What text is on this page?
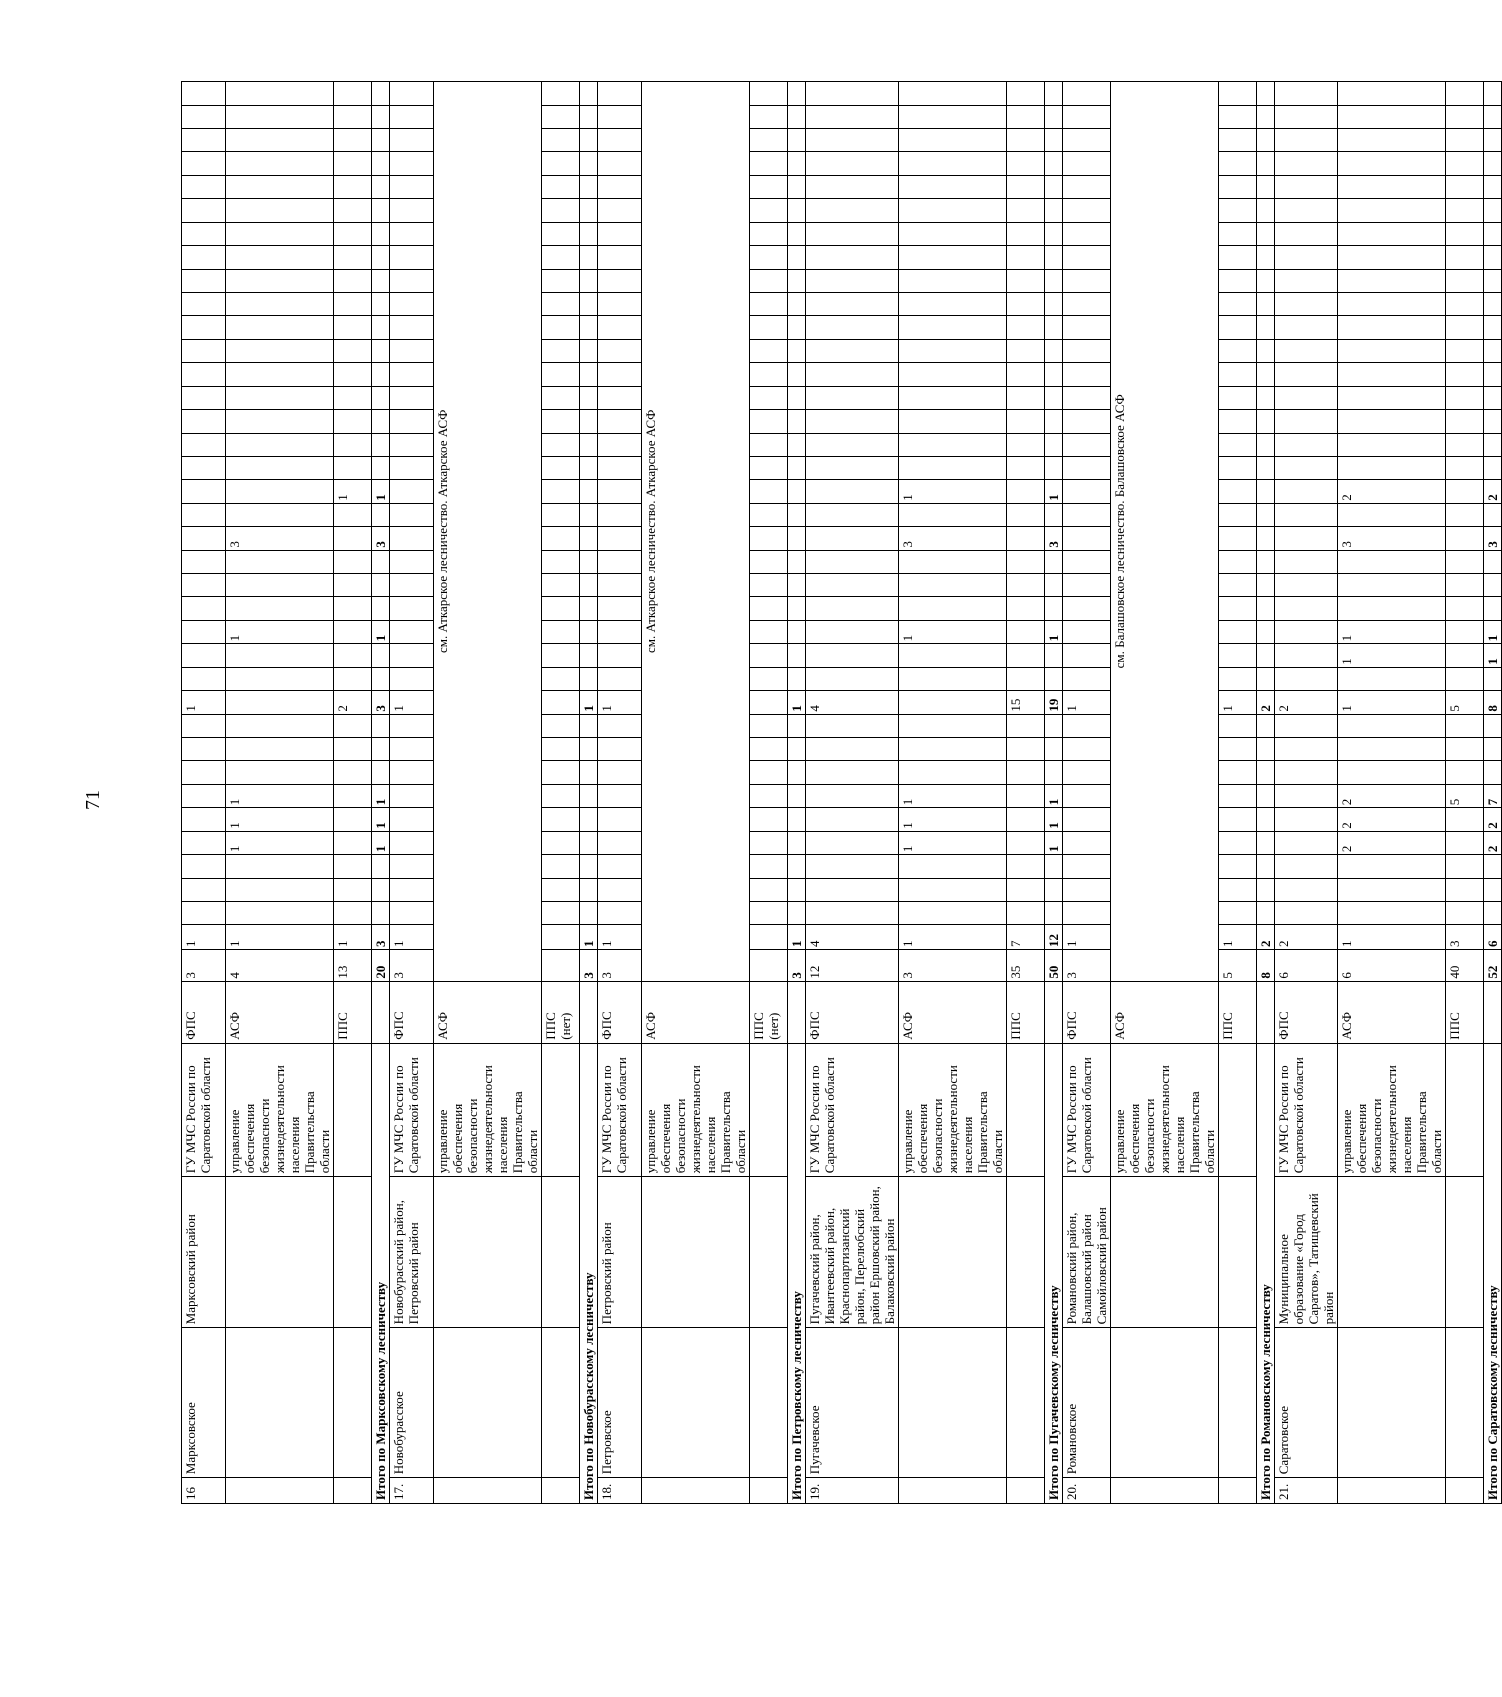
71
16	Марксовское	Марксовский район	ГУ МЧС России по Саратовской области	ФПС	3	1										1																										
			управление обеспечения безопасности жизнедеятельности населения Правительства области	АСФ	4	1				1	1	1							1				3																			
				ППС	13	1										2									1																	
Итого по Марксовскому лесничеству					20	3				1	1	1				3			1				3		1																	
17.	Новобурасское	Новобурасский район, Петровский район	ГУ МЧС России по Саратовской области	ФПС	3	1										1																										
			управление обеспечения безопасности жизнедеятельности населения Правительства области	АСФ	см. Аткарское лесничество. Аткарское АСФ																																					
				ППС (нет)																																						
Итого по Новобурасскому лесничеству					3	1										1																										
18.	Петровское	Петровский район	ГУ МЧС России по Саратовской области	ФПС	3	1										1																										
			управление обеспечения безопасности жизнедеятельности населения Правительства области	АСФ	см. Аткарское лесничество. Аткарское АСФ																																					
				ППС (нет)																																						
Итого по Петровскому лесничеству					3	1										1																										
19.	Пугачевское	Пугачевский район, Ивантеевский район, Краснопартизанский район, Перелюбский район Ершовский район, Балаковский район	ГУ МЧС России по Саратовской области	ФПС	12	4										4																										
			управление обеспечения безопасности жизнедеятельности населения Правительства области	АСФ	3	1				1	1	1							1				3		1																	
				ППС	35	7										15																										
Итого по Пугачевскому лесничеству					50	12				1	1	1				19			1				3		1																	
20.	Романовское	Романовский район, Балашовский район Самойловский район	ГУ МЧС России по Саратовской области	ФПС	3	1										1																										
			управление обеспечения безопасности жизнедеятельности населения Правительства области	АСФ	см. Балашовское лесничество. Балашовское АСФ																																					
				ППС	5	1										1																										
Итого по Романовскому лесничеству					8	2										2																										
21.	Саратовское	Муниципальное образование «Город Саратов», Татищевский район	ГУ МЧС России по Саратовской области	ФПС	6	2										2																										
			управление обеспечения безопасности жизнедеятельности населения Правительства области	АСФ	6	1				2	2	2				1		1	1				3		2																	
				ППС	40	3						5				5																										
Итого по Саратовскому лесничеству					52	6				2	2	7				8		1	1				3		2																	
